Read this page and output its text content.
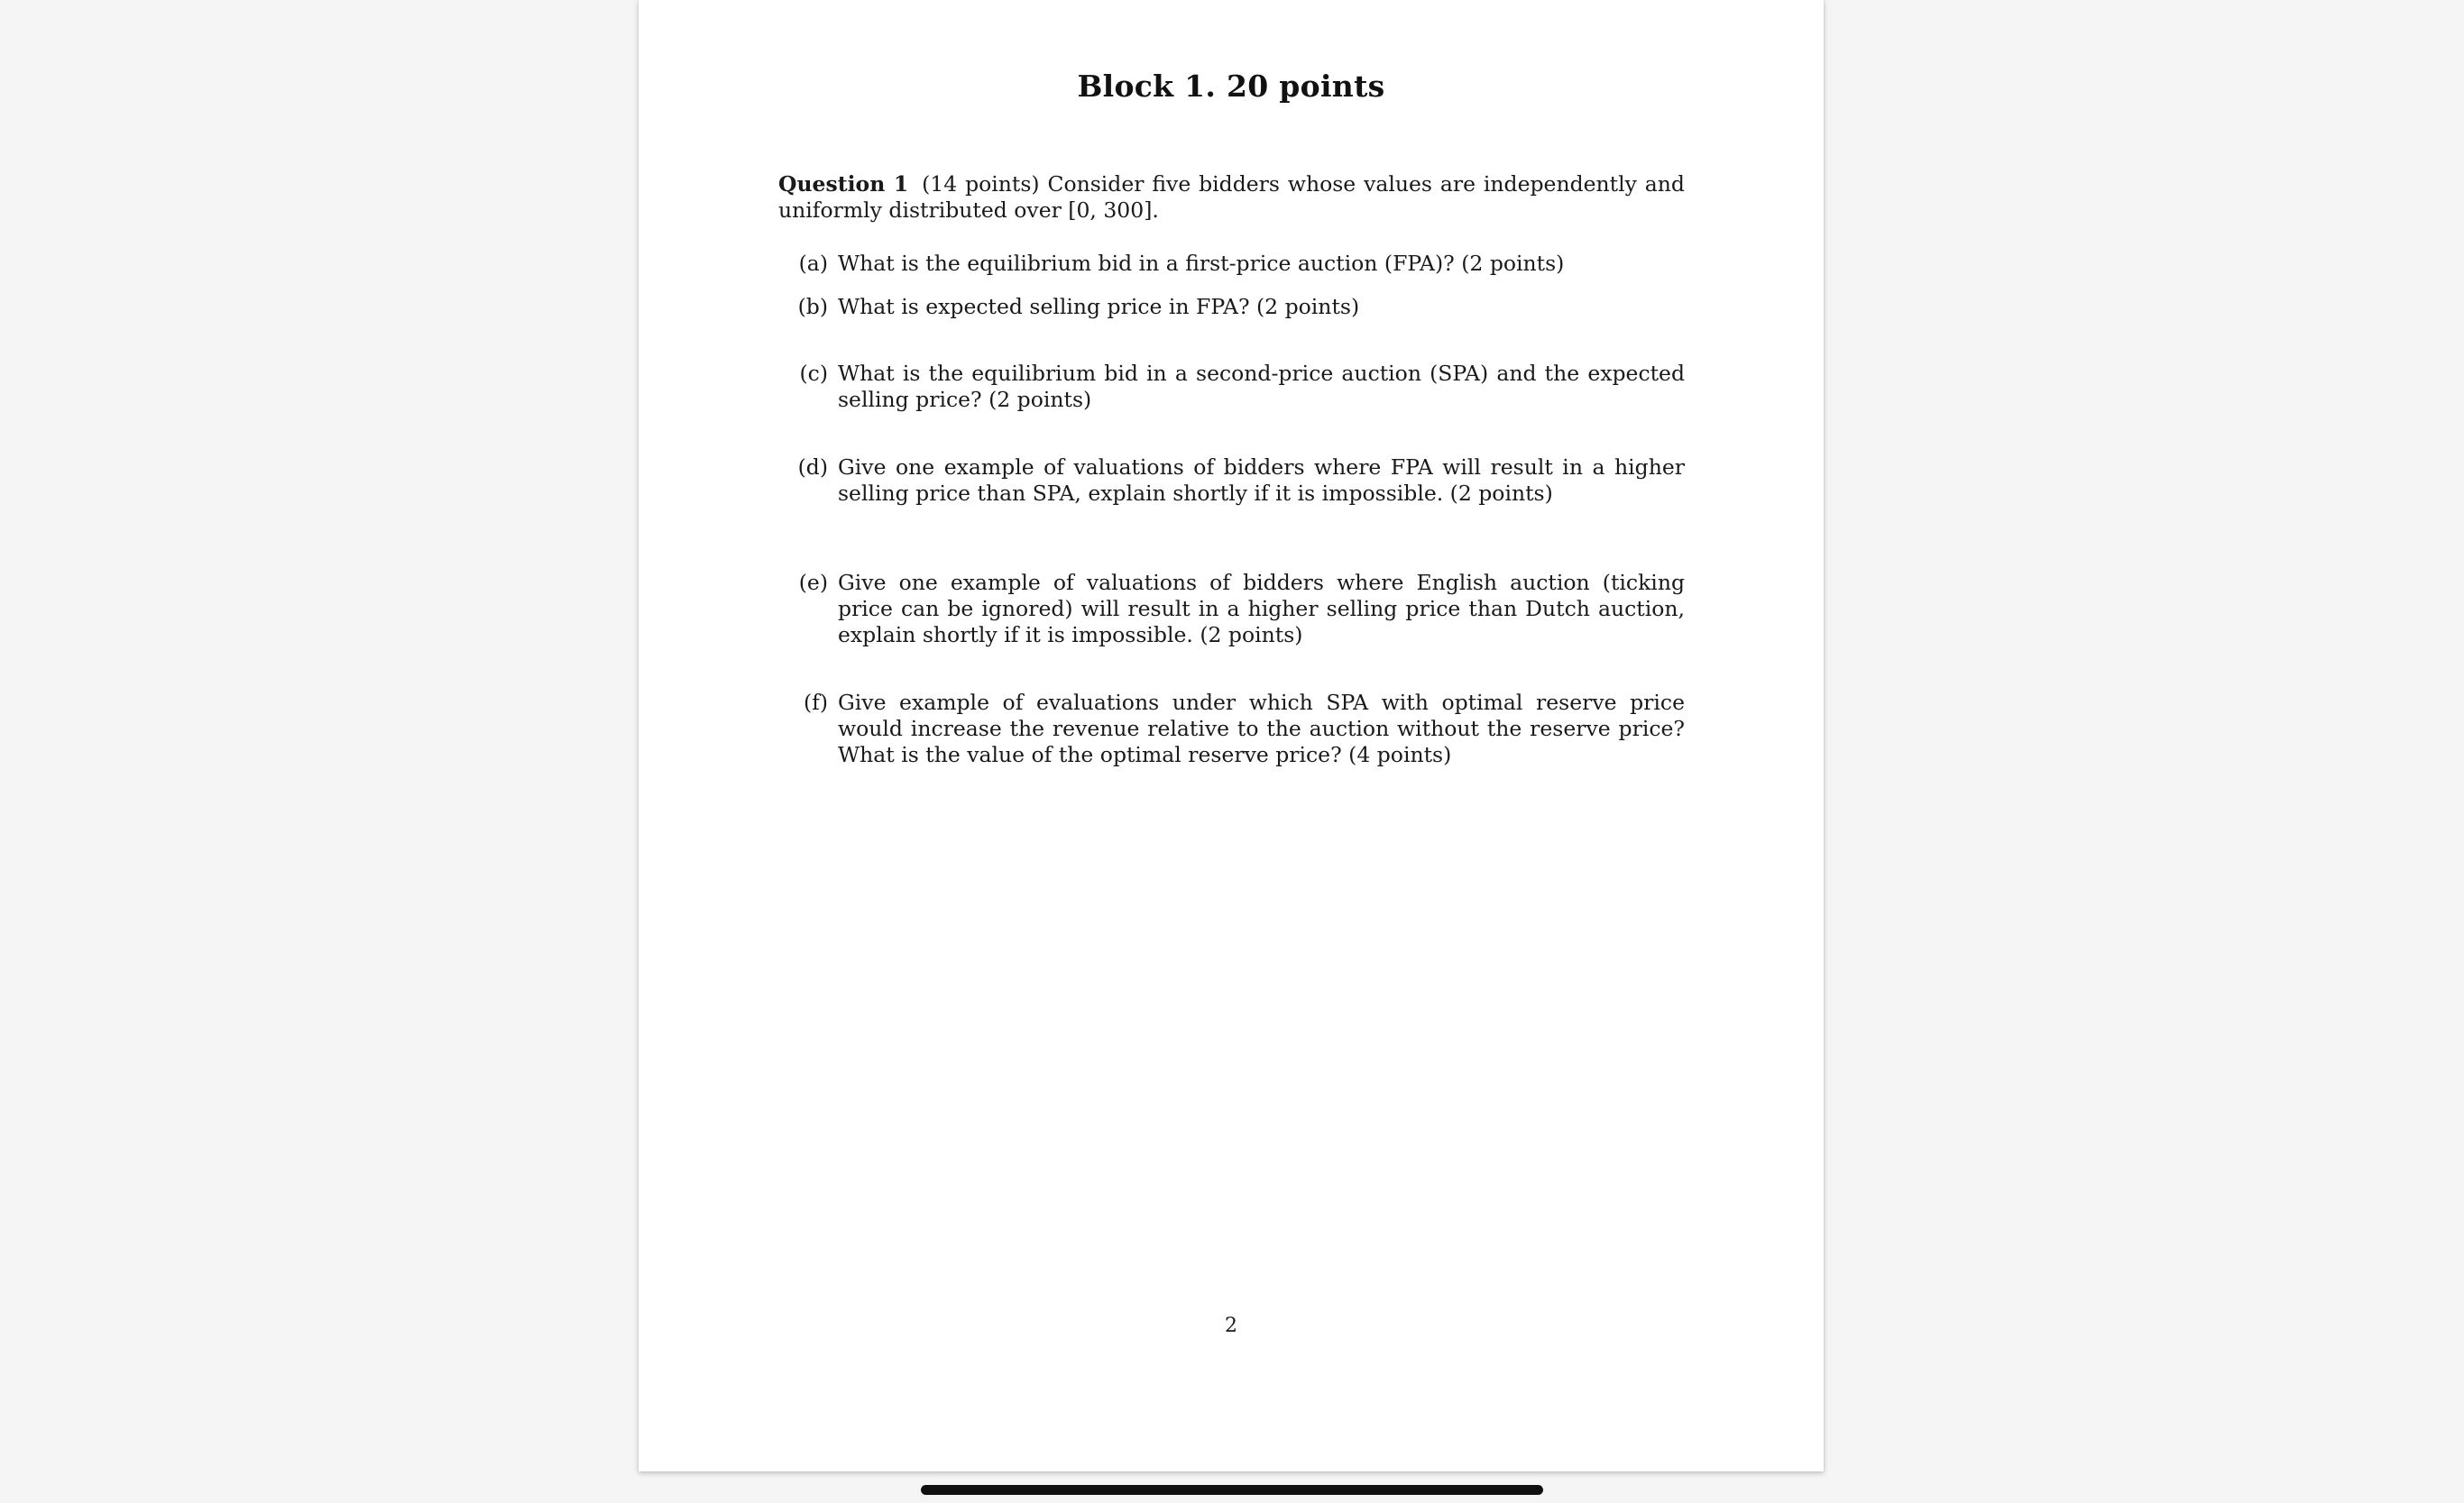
Block 1. 20 points
Question 1 (14 points) Consider five bidders whose values are independently and uniformly distributed over [0, 300].
(a) What is the equilibrium bid in a first-price auction (FPA)? (2 points)
(b) What is expected selling price in FPA? (2 points)
(c) What is the equilibrium bid in a second-price auction (SPA) and the expected selling price? (2 points)
(d) Give one example of valuations of bidders where FPA will result in a higher selling price than SPA, explain shortly if it is impossible. (2 points)
(e) Give one example of valuations of bidders where English auction (ticking price can be ignored) will result in a higher selling price than Dutch auction, explain shortly if it is impossible. (2 points)
(f) Give example of evaluations under which SPA with optimal reserve price would increase the revenue relative to the auction without the reserve price? What is the value of the optimal reserve price? (4 points)
2
